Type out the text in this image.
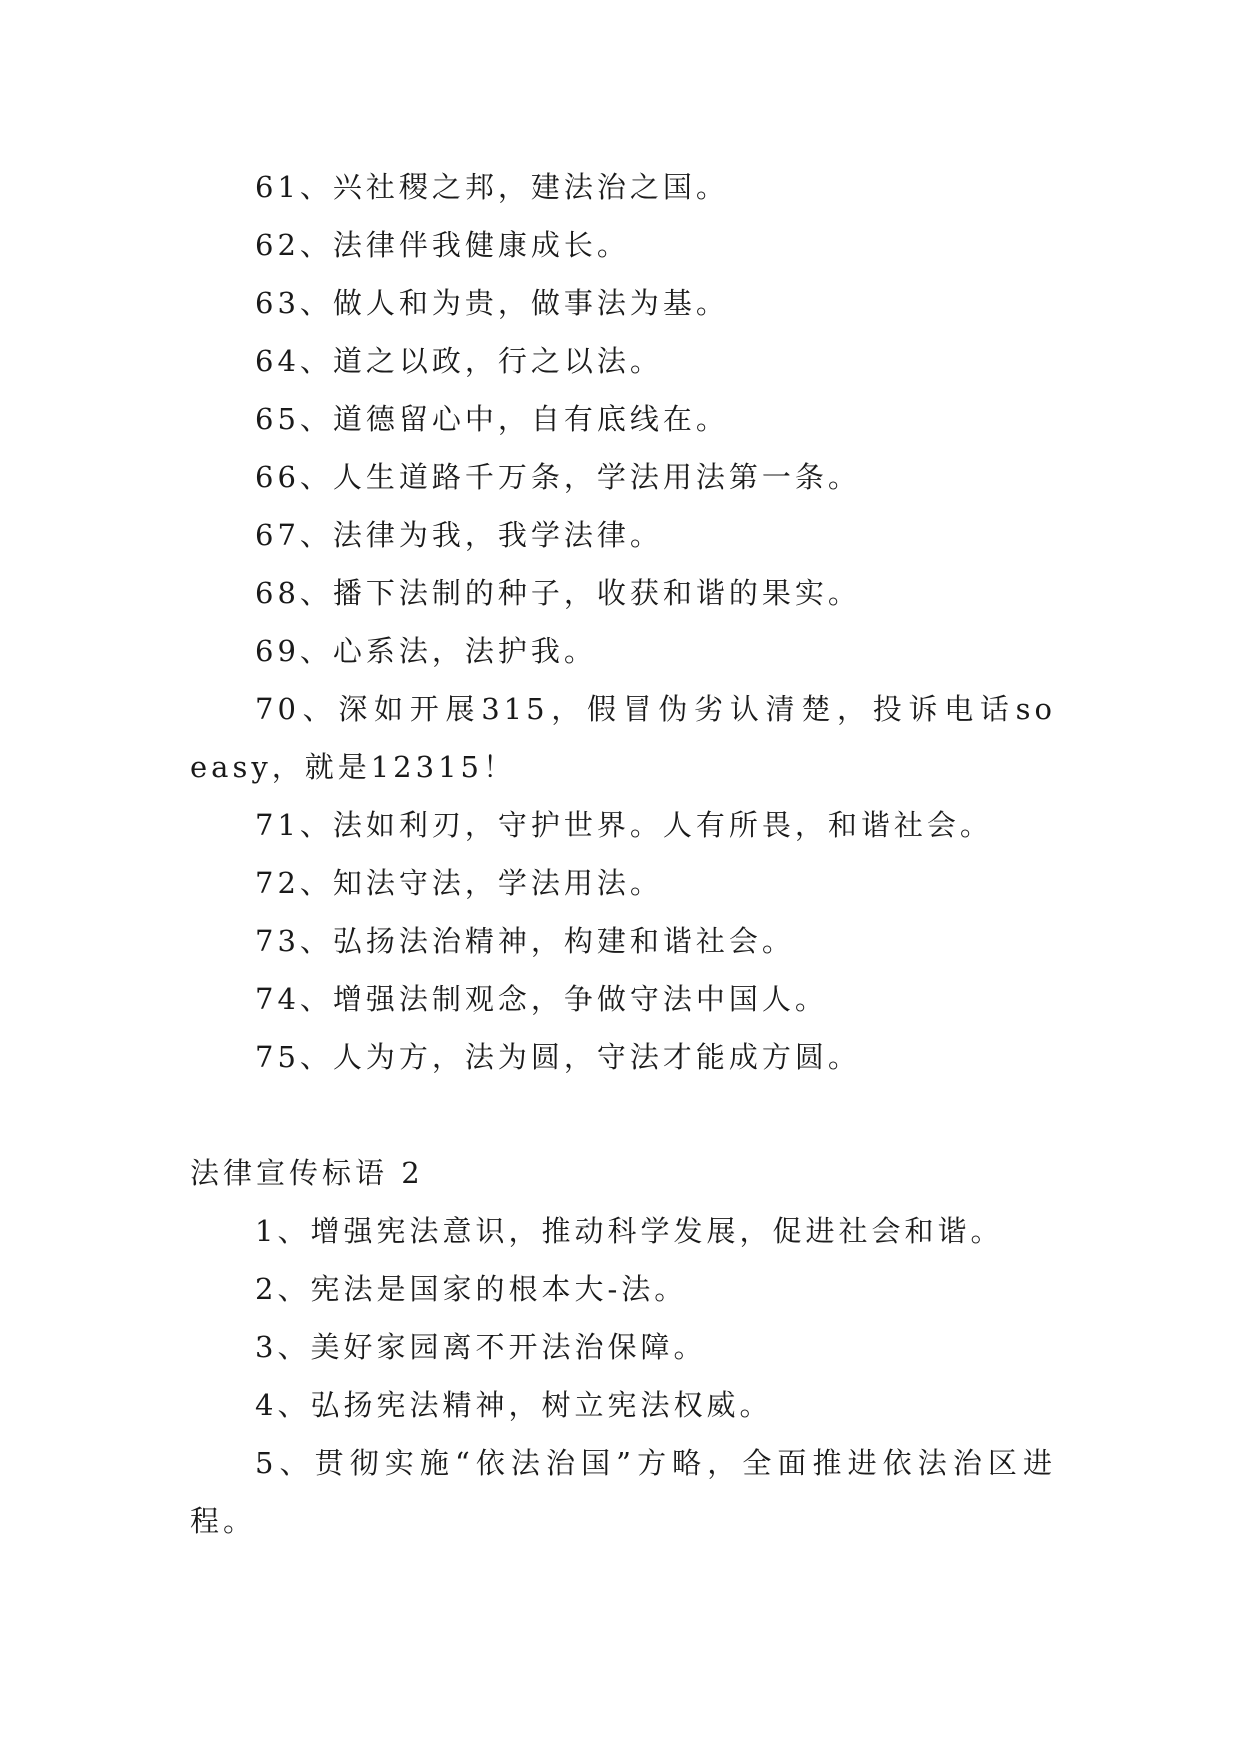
61、兴社稷之邦，建法治之国。

62、法律伴我健康成长。

63、做人和为贵，做事法为基。

64、道之以政，行之以法。

65、道德留心中，自有底线在。

66、人生道路千万条，学法用法第一条。

67、法律为我，我学法律。

68、播下法制的种子，收获和谐的果实。

69、心系法，法护我。

70、深如开展315，假冒伪劣认清楚，投诉电话so easy，就是12315！

71、法如利刃，守护世界。人有所畏，和谐社会。

72、知法守法，学法用法。

73、弘扬法治精神，构建和谐社会。

74、增强法制观念，争做守法中国人。

75、人为方，法为圆，守法才能成方圆。

法律宣传标语 2

1、增强宪法意识，推动科学发展，促进社会和谐。

2、宪法是国家的根本大-法。

3、美好家园离不开法治保障。

4、弘扬宪法精神，树立宪法权威。

5、贯彻实施“依法治国”方略，全面推进依法治区进程。
